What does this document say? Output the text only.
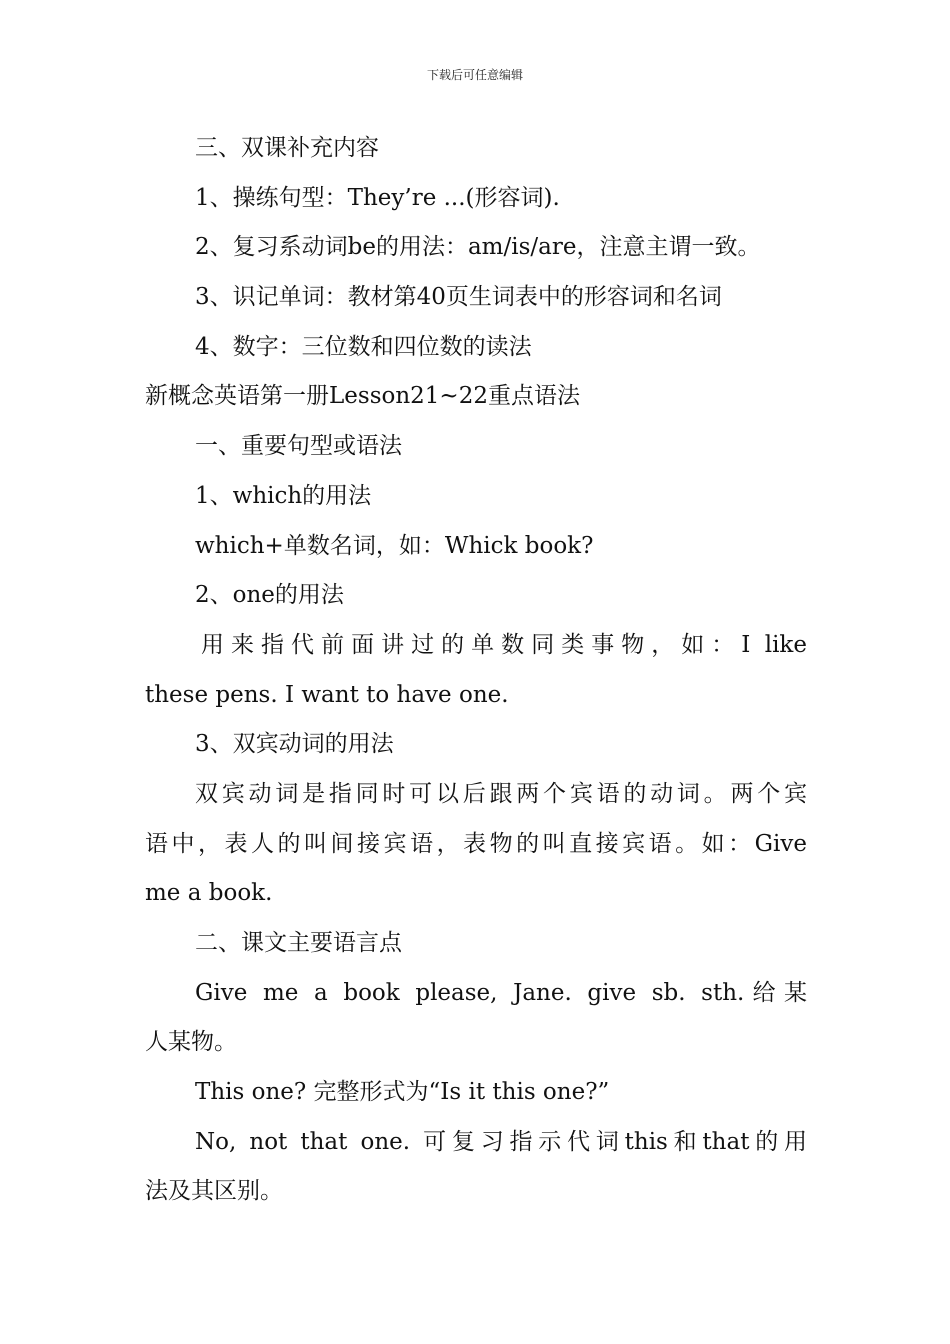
下载后可任意编辑
三、双课补充内容
1、操练句型：They’re ...(形容词).
2、复习系动词be的用法：am/is/are，注意主谓一致。
3、识记单词：教材第40页生词表中的形容词和名词
4、数字：三位数和四位数的读法
新概念英语第一册Lesson21~22重点语法
一、重要句型或语法
1、which的用法
which+单数名词，如：Whick book?
2、one的用法
用来指代前面讲过的单数同类事物，如：I like
these pens. I want to have one.
3、双宾动词的用法
双宾动词是指同时可以后跟两个宾语的动词。两个宾
语中，表人的叫间接宾语，表物的叫直接宾语。如：Give
me a book.
二、课文主要语言点
Give me a book please, Jane. give sb. sth.给某
人某物。
This one? 完整形式为“Is it this one?”
No, not that one. 可复习指示代词this和that的用
法及其区别。
